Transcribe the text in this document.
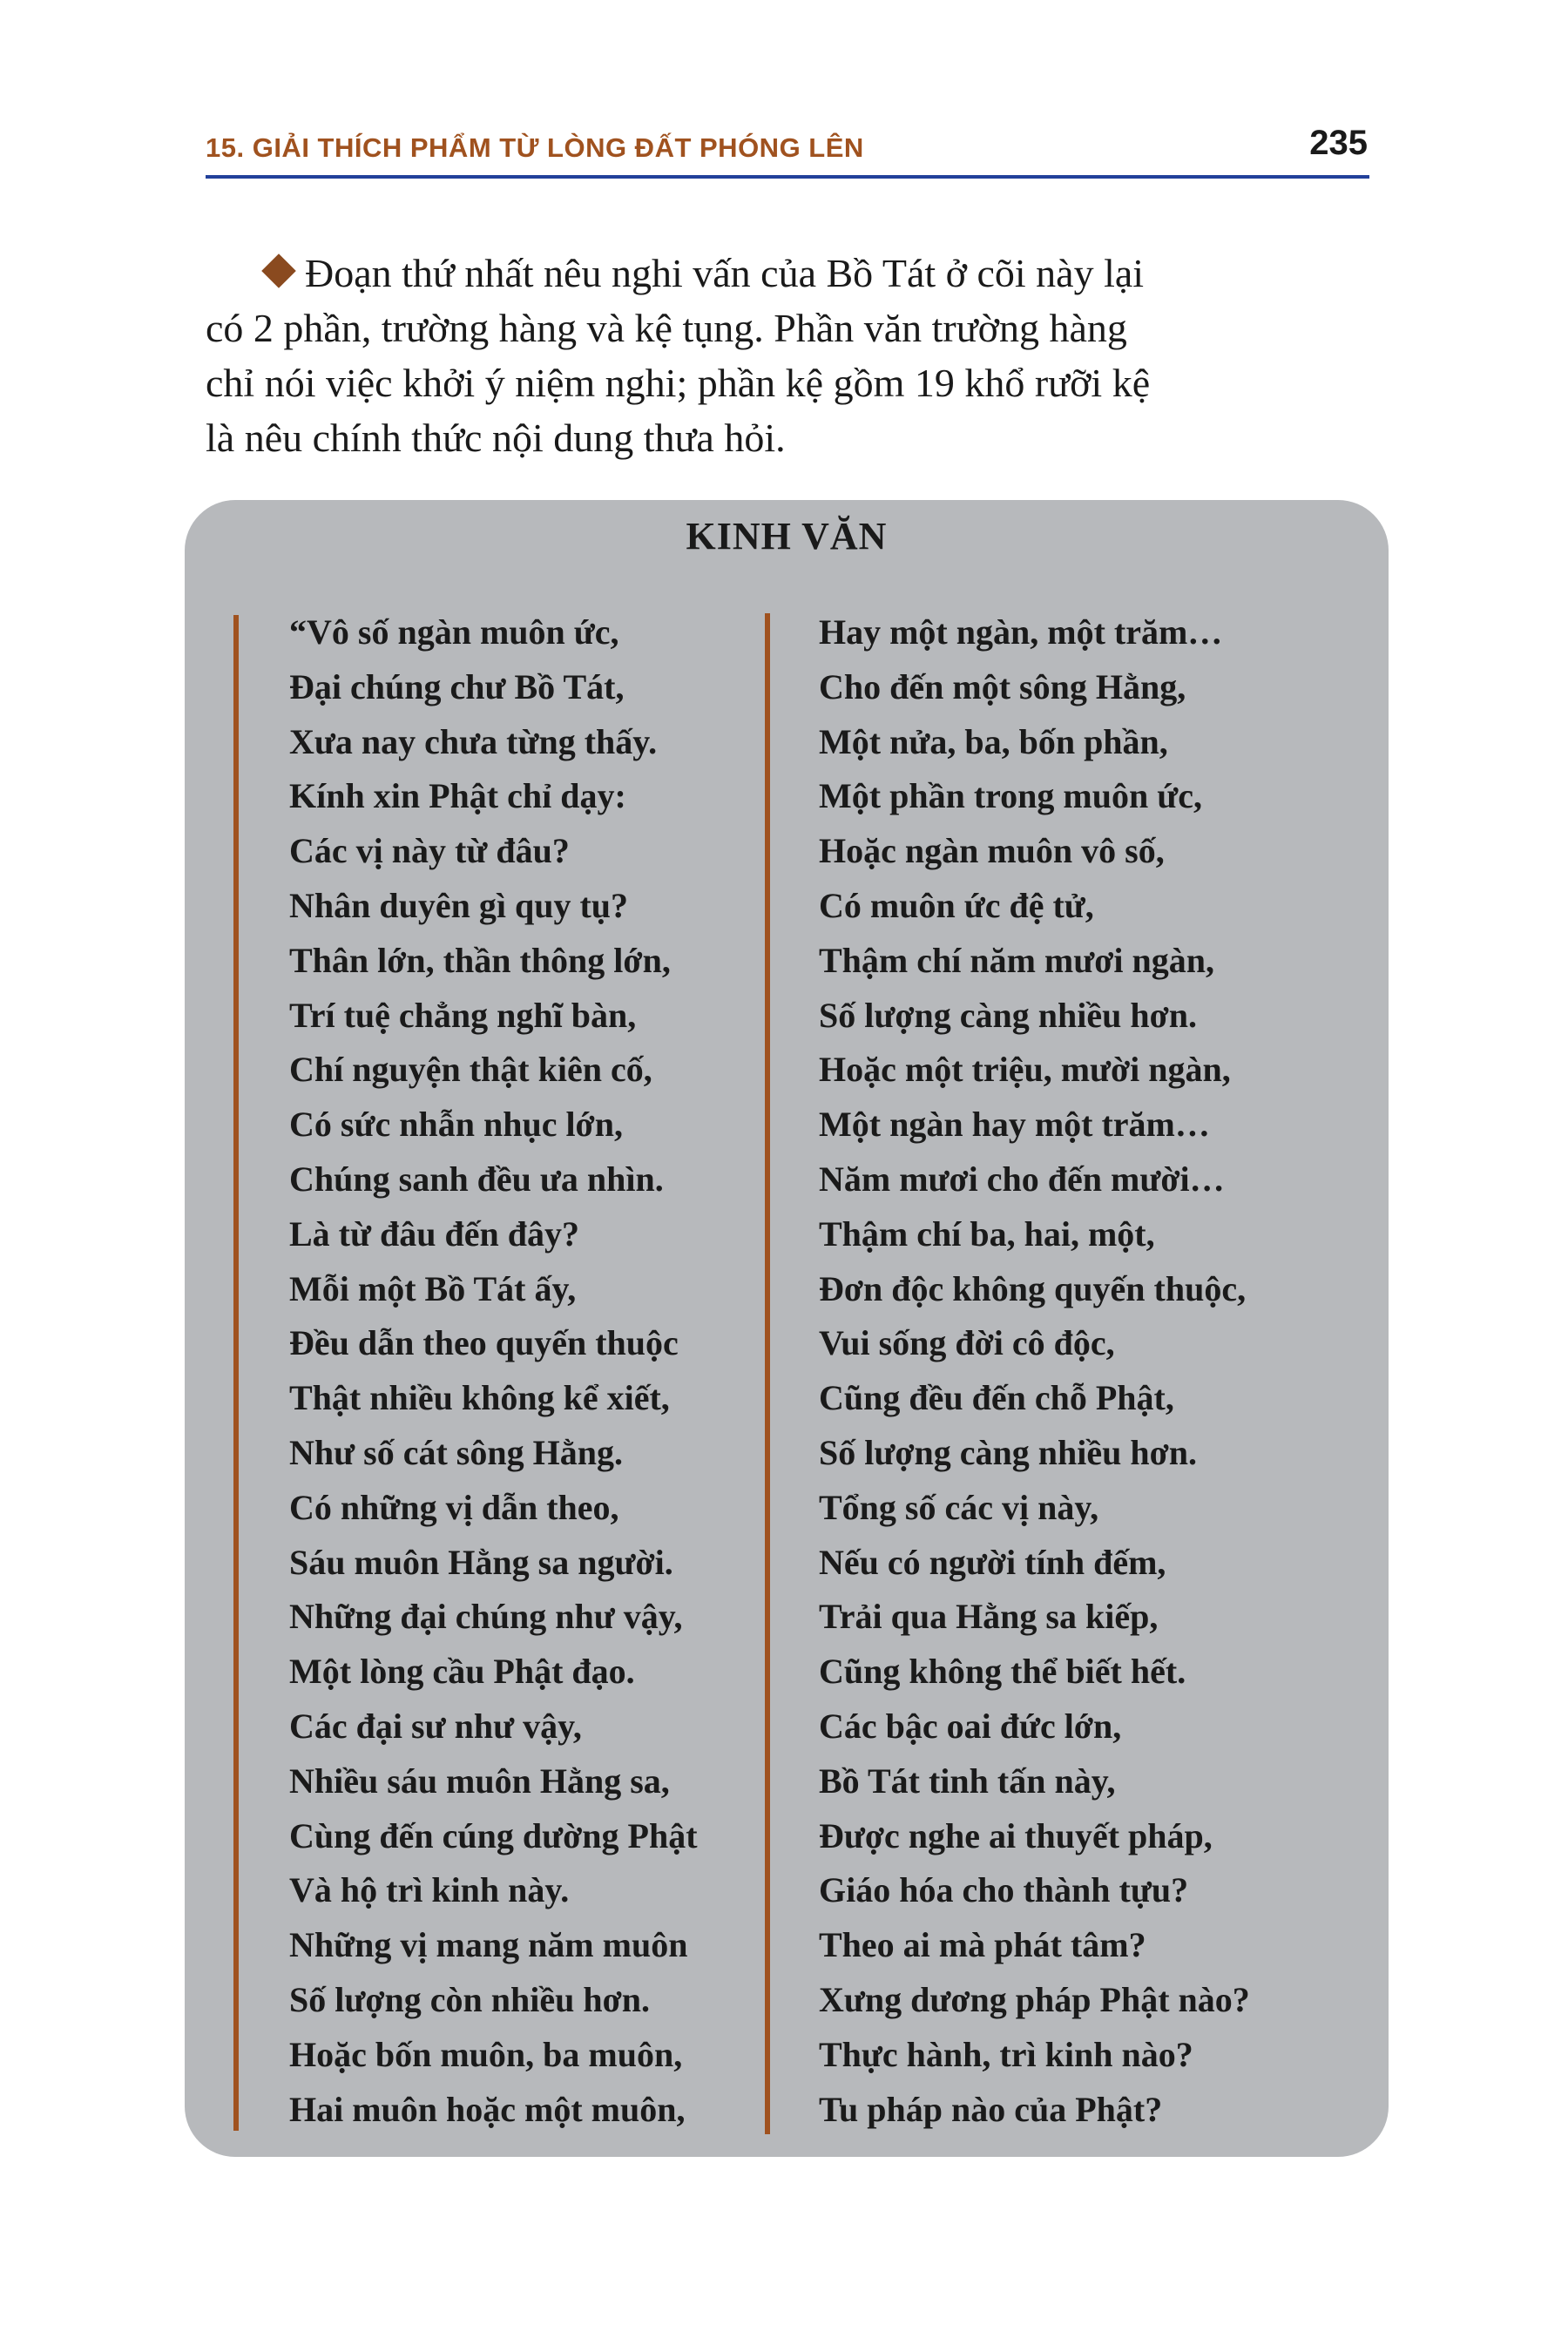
15. GIẢI THÍCH PHẨM TỪ LÒNG ĐẤT PHÓNG LÊN	235

Đoạn thứ nhất nêu nghi vấn của Bồ Tát ở cõi này lại
có 2 phần, trường hàng và kệ tụng. Phần văn trường hàng
chỉ nói việc khởi ý niệm nghi; phần kệ gồm 19 khổ rưỡi kệ
là nêu chính thức nội dung thưa hỏi.

KINH VĂN
“Vô số ngàn muôn ức,
Đại chúng chư Bồ Tát,
Xưa nay chưa từng thấy.
Kính xin Phật chỉ dạy:
Các vị này từ đâu?
Nhân duyên gì quy tụ?
Thân lớn, thần thông lớn,
Trí tuệ chẳng nghĩ bàn,
Chí nguyện thật kiên cố,
Có sức nhẫn nhục lớn,
Chúng sanh đều ưa nhìn.
Là từ đâu đến đây?
Mỗi một Bồ Tát ấy,
Đều dẫn theo quyến thuộc
Thật nhiều không kể xiết,
Như số cát sông Hằng.
Có những vị dẫn theo,
Sáu muôn Hằng sa người.
Những đại chúng như vậy,
Một lòng cầu Phật đạo.
Các đại sư như vậy,
Nhiều sáu muôn Hằng sa,
Cùng đến cúng dường Phật
Và hộ trì kinh này.
Những vị mang năm muôn
Số lượng còn nhiều hơn.
Hoặc bốn muôn, ba muôn,
Hai muôn hoặc một muôn,
Hay một ngàn, một trăm…
Cho đến một sông Hằng,
Một nửa, ba, bốn phần,
Một phần trong muôn ức,
Hoặc ngàn muôn vô số,
Có muôn ức đệ tử,
Thậm chí năm mươi ngàn,
Số lượng càng nhiều hơn.
Hoặc một triệu, mười ngàn,
Một ngàn hay một trăm…
Năm mươi cho đến mười…
Thậm chí ba, hai, một,
Đơn độc không quyến thuộc,
Vui sống đời cô độc,
Cũng đều đến chỗ Phật,
Số lượng càng nhiều hơn.
Tổng số các vị này,
Nếu có người tính đếm,
Trải qua Hằng sa kiếp,
Cũng không thể biết hết.
Các bậc oai đức lớn,
Bồ Tát tinh tấn này,
Được nghe ai thuyết pháp,
Giáo hóa cho thành tựu?
Theo ai mà phát tâm?
Xưng dương pháp Phật nào?
Thực hành, trì kinh nào?
Tu pháp nào của Phật?
